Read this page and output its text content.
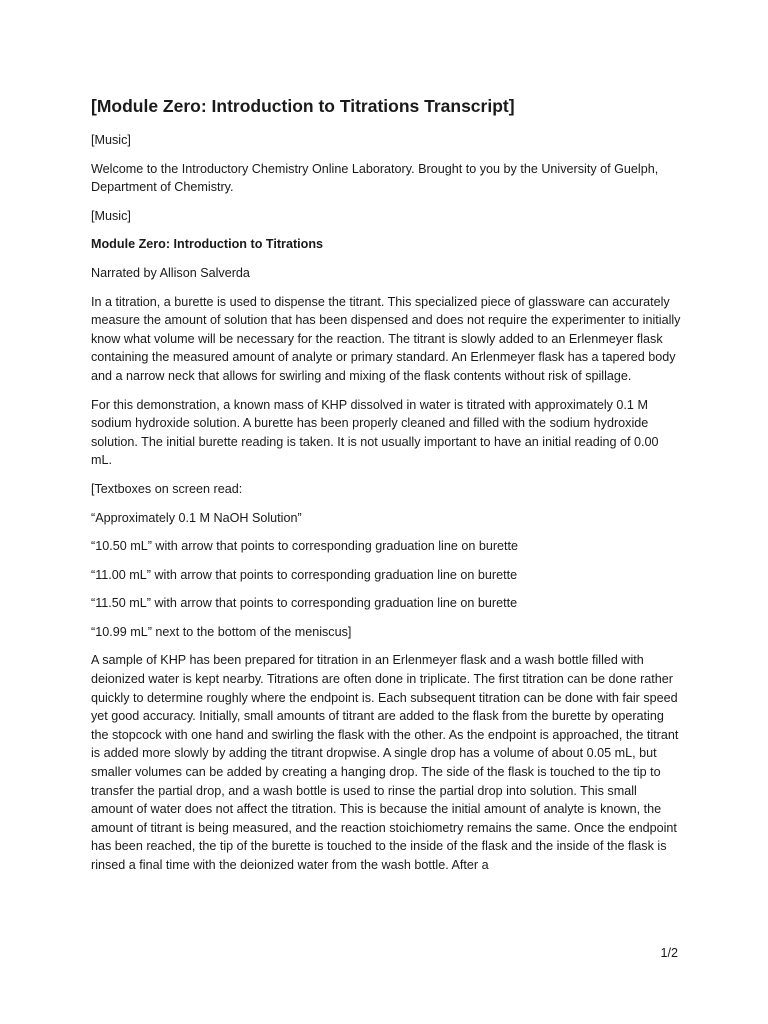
[Module Zero: Introduction to Titrations Transcript]

[Music]

Welcome to the Introductory Chemistry Online Laboratory. Brought to you by the University of Guelph, Department of Chemistry.

[Music]

Module Zero: Introduction to Titrations

Narrated by Allison Salverda

In a titration, a burette is used to dispense the titrant. This specialized piece of glassware can accurately measure the amount of solution that has been dispensed and does not require the experimenter to initially know what volume will be necessary for the reaction. The titrant is slowly added to an Erlenmeyer flask containing the measured amount of analyte or primary standard. An Erlenmeyer flask has a tapered body and a narrow neck that allows for swirling and mixing of the flask contents without risk of spillage.

For this demonstration, a known mass of KHP dissolved in water is titrated with approximately 0.1 M sodium hydroxide solution. A burette has been properly cleaned and filled with the sodium hydroxide solution. The initial burette reading is taken. It is not usually important to have an initial reading of 0.00 mL.

[Textboxes on screen read:

“Approximately 0.1 M NaOH Solution”

“10.50 mL” with arrow that points to corresponding graduation line on burette

“11.00 mL” with arrow that points to corresponding graduation line on burette

“11.50 mL” with arrow that points to corresponding graduation line on burette

“10.99 mL” next to the bottom of the meniscus]

A sample of KHP has been prepared for titration in an Erlenmeyer flask and a wash bottle filled with deionized water is kept nearby. Titrations are often done in triplicate. The first titration can be done rather quickly to determine roughly where the endpoint is. Each subsequent titration can be done with fair speed yet good accuracy. Initially, small amounts of titrant are added to the flask from the burette by operating the stopcock with one hand and swirling the flask with the other. As the endpoint is approached, the titrant is added more slowly by adding the titrant dropwise. A single drop has a volume of about 0.05 mL, but smaller volumes can be added by creating a hanging drop. The side of the flask is touched to the tip to transfer the partial drop, and a wash bottle is used to rinse the partial drop into solution. This small amount of water does not affect the titration. This is because the initial amount of analyte is known, the amount of titrant is being measured, and the reaction stoichiometry remains the same. Once the endpoint has been reached, the tip of the burette is touched to the inside of the flask and the inside of the flask is rinsed a final time with the deionized water from the wash bottle. After a

1/2
